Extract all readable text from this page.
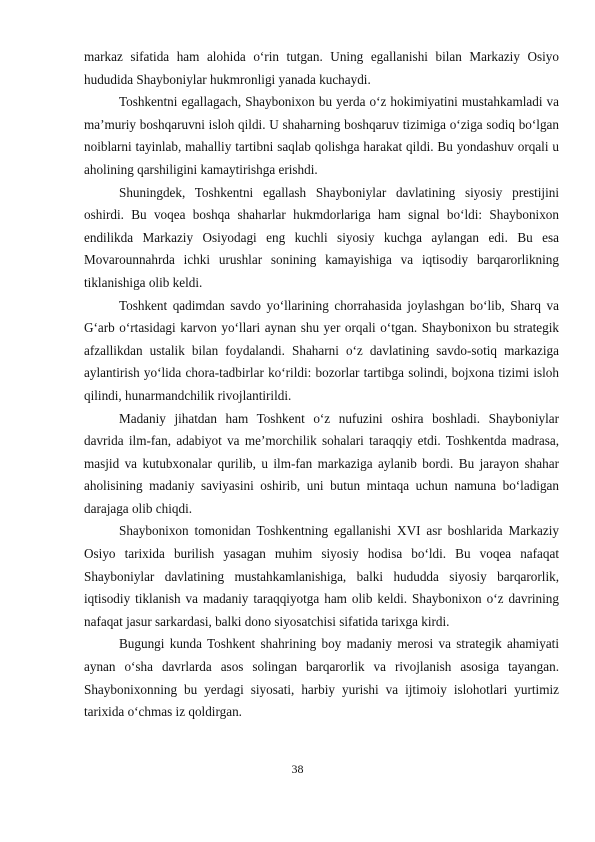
markaz sifatida ham alohida o‘rin tutgan. Uning egallanishi bilan Markaziy Osiyo hududida Shayboniylar hukmronligi yanada kuchaydi.

Toshkentni egallagach, Shayboniхon bu yerda o‘z hokimiyatini mustahkamladi va ma’muriy boshqaruvni isloh qildi. U shaharning boshqaruv tizimiga o‘ziga sodiq bo‘lgan noiblarni tayinlab, mahalliy tartibni saqlab qolishga harakat qildi. Bu yondashuv orqali u aholining qarshiligini kamaytirishga erishdi.

Shuningdek, Toshkentni egallash Shayboniylar davlatining siyosiy prestijini oshirdi. Bu voqea boshqa shaharlar hukmdorlariga ham signal bo‘ldi: Shayboniхon endilikda Markaziy Osiyodagi eng kuchli siyosiy kuchga aylangan edi. Bu esa Movarounnahrda ichki urushlar sonining kamayishiga va iqtisodiy barqarorlikning tiklanishiga olib keldi.

Toshkent qadimdan savdo yo‘llarining chorrahasida joylashgan bo‘lib, Sharq va G‘arb o‘rtasidagi karvon yo‘llari aynan shu yer orqali o‘tgan. Shayboniхon bu strategik afzallikdan ustalik bilan foydalandi. Shaharni o‘z davlatining savdo-sotiq markaziga aylantirish yo‘lida chora-tadbirlar ko‘rildi: bozorlar tartibga solindi, bojxona tizimi isloh qilindi, hunarmandchilik rivojlantirildi.

Madaniy jihatdan ham Toshkent o‘z nufuzini oshira boshladi. Shayboniylar davrida ilm-fan, adabiyot va me’morchilik sohalari taraqqiy etdi. Toshkentda madrasa, masjid va kutubxonalar qurilib, u ilm-fan markaziga aylanib bordi. Bu jarayon shahar aholisining madaniy saviyasini oshirib, uni butun mintaqa uchun namuna bo‘ladigan darajaga olib chiqdi.

Shayboniхon tomonidan Toshkentning egallanishi XVI asr boshlarida Markaziy Osiyo tarixida burilish yasagan muhim siyosiy hodisa bo‘ldi. Bu voqea nafaqat Shayboniylar davlatining mustahkamlanishiga, balki hududda siyosiy barqarorlik, iqtisodiy tiklanish va madaniy taraqqiyotga ham olib keldi. Shayboniхon o‘z davrining nafaqat jasur sarkardasi, balki dono siyosatchisi sifatida tarixga kirdi.

Bugungi kunda Toshkent shahrining boy madaniy merosi va strategik ahamiyati aynan o‘sha davrlarda asos solingan barqarorlik va rivojlanish asosiga tayangan. Shayboniхonning bu yerdagi siyosati, harbiy yurishi va ijtimoiy islohotlari yurtimiz tarixida o‘chmas iz qoldirgan.

38
